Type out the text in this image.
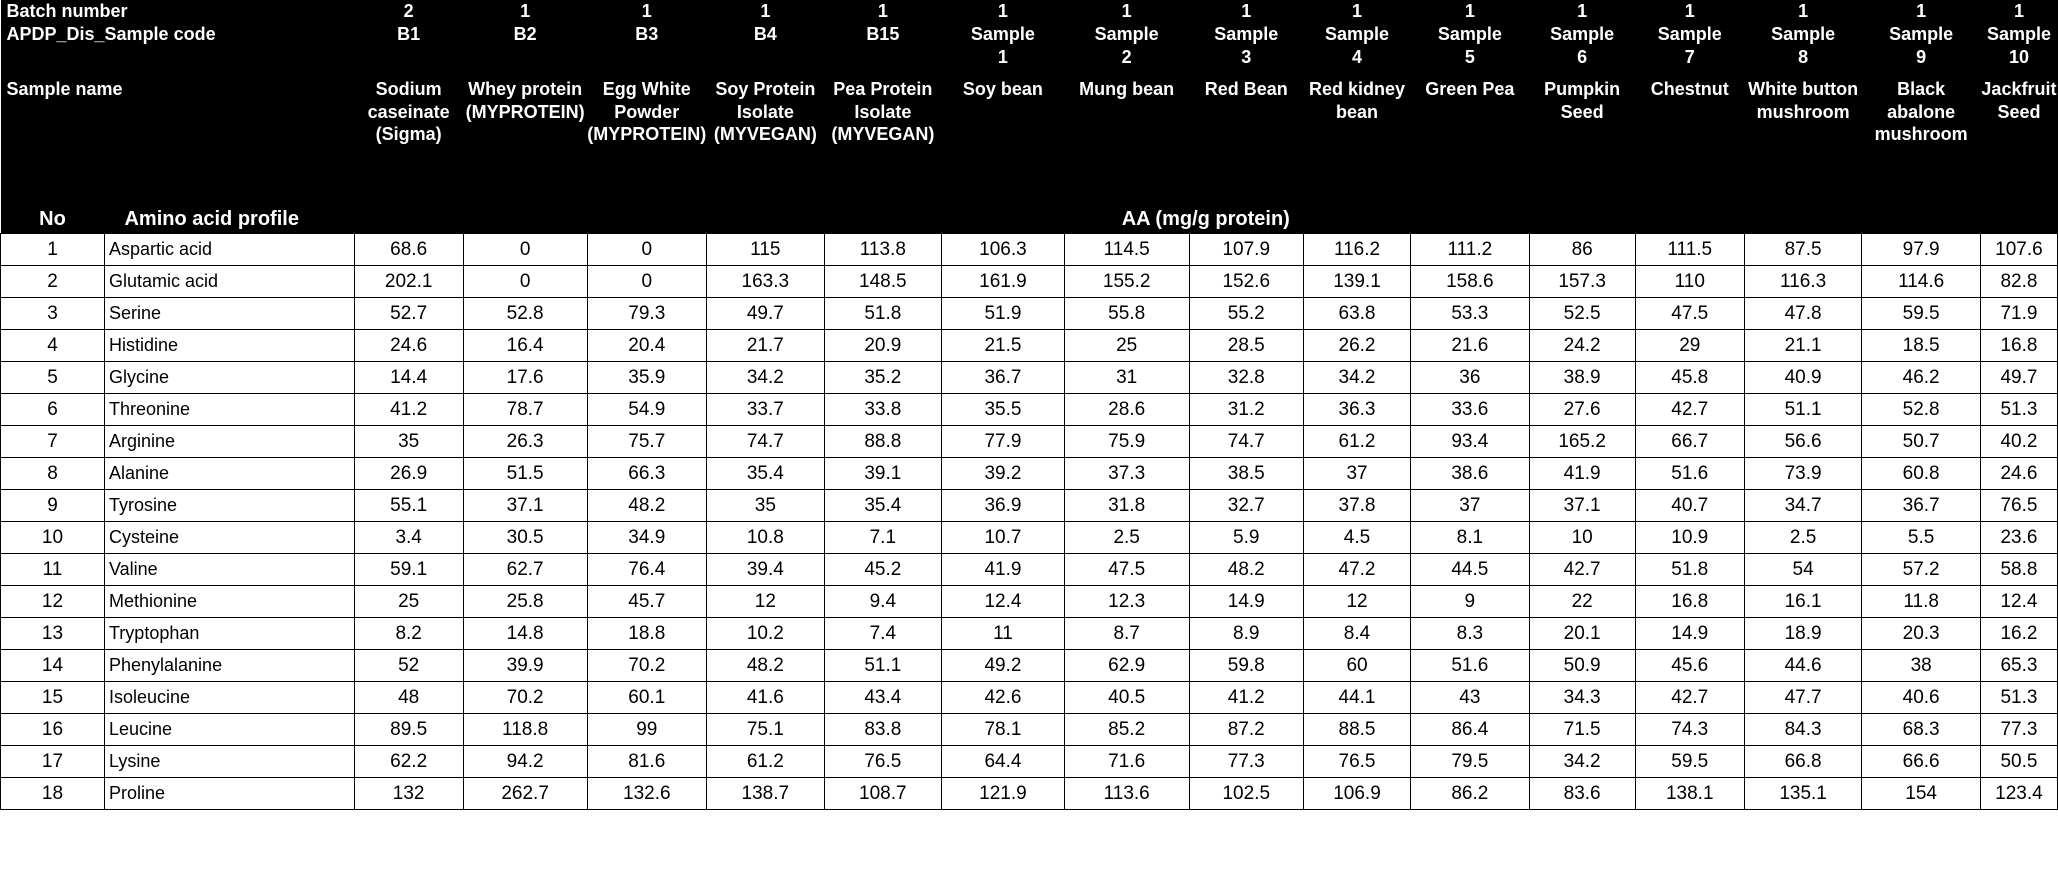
Batch number		2	1	1	1	1	1	1	1	1	1	1	1	1	1	1
APDP_Dis_Sample code		B1	B2	B3	B4	B15	Sample	Sample	Sample	Sample	Sample	Sample	Sample	Sample	Sample	Sample
							1	2	3	4	5	6	7	8	9	10
Sample name		Sodium caseinate (Sigma)	Whey protein (MYPROTEIN)	Egg White Powder (MYPROTEIN)	Soy Protein Isolate (MYVEGAN)	Pea Protein Isolate (MYVEGAN)	Soy bean	Mung bean	Red Bean	Red kidney bean	Green Pea	Pumpkin Seed	Chestnut	White button mushroom	Black abalone mushroom	Jackfruit Seed
No	Amino acid profile	AA (mg/g protein)														
1	Aspartic acid	68.6	0	0	115	113.8	106.3	114.5	107.9	116.2	111.2	86	111.5	87.5	97.9	107.6
2	Glutamic acid	202.1	0	0	163.3	148.5	161.9	155.2	152.6	139.1	158.6	157.3	110	116.3	114.6	82.8
3	Serine	52.7	52.8	79.3	49.7	51.8	51.9	55.8	55.2	63.8	53.3	52.5	47.5	47.8	59.5	71.9
4	Histidine	24.6	16.4	20.4	21.7	20.9	21.5	25	28.5	26.2	21.6	24.2	29	21.1	18.5	16.8
5	Glycine	14.4	17.6	35.9	34.2	35.2	36.7	31	32.8	34.2	36	38.9	45.8	40.9	46.2	49.7
6	Threonine	41.2	78.7	54.9	33.7	33.8	35.5	28.6	31.2	36.3	33.6	27.6	42.7	51.1	52.8	51.3
7	Arginine	35	26.3	75.7	74.7	88.8	77.9	75.9	74.7	61.2	93.4	165.2	66.7	56.6	50.7	40.2
8	Alanine	26.9	51.5	66.3	35.4	39.1	39.2	37.3	38.5	37	38.6	41.9	51.6	73.9	60.8	24.6
9	Tyrosine	55.1	37.1	48.2	35	35.4	36.9	31.8	32.7	37.8	37	37.1	40.7	34.7	36.7	76.5
10	Cysteine	3.4	30.5	34.9	10.8	7.1	10.7	2.5	5.9	4.5	8.1	10	10.9	2.5	5.5	23.6
11	Valine	59.1	62.7	76.4	39.4	45.2	41.9	47.5	48.2	47.2	44.5	42.7	51.8	54	57.2	58.8
12	Methionine	25	25.8	45.7	12	9.4	12.4	12.3	14.9	12	9	22	16.8	16.1	11.8	12.4
13	Tryptophan	8.2	14.8	18.8	10.2	7.4	11	8.7	8.9	8.4	8.3	20.1	14.9	18.9	20.3	16.2
14	Phenylalanine	52	39.9	70.2	48.2	51.1	49.2	62.9	59.8	60	51.6	50.9	45.6	44.6	38	65.3
15	Isoleucine	48	70.2	60.1	41.6	43.4	42.6	40.5	41.2	44.1	43	34.3	42.7	47.7	40.6	51.3
16	Leucine	89.5	118.8	99	75.1	83.8	78.1	85.2	87.2	88.5	86.4	71.5	74.3	84.3	68.3	77.3
17	Lysine	62.2	94.2	81.6	61.2	76.5	64.4	71.6	77.3	76.5	79.5	34.2	59.5	66.8	66.6	50.5
18	Proline	132	262.7	132.6	138.7	108.7	121.9	113.6	102.5	106.9	86.2	83.6	138.1	135.1	154	123.4
